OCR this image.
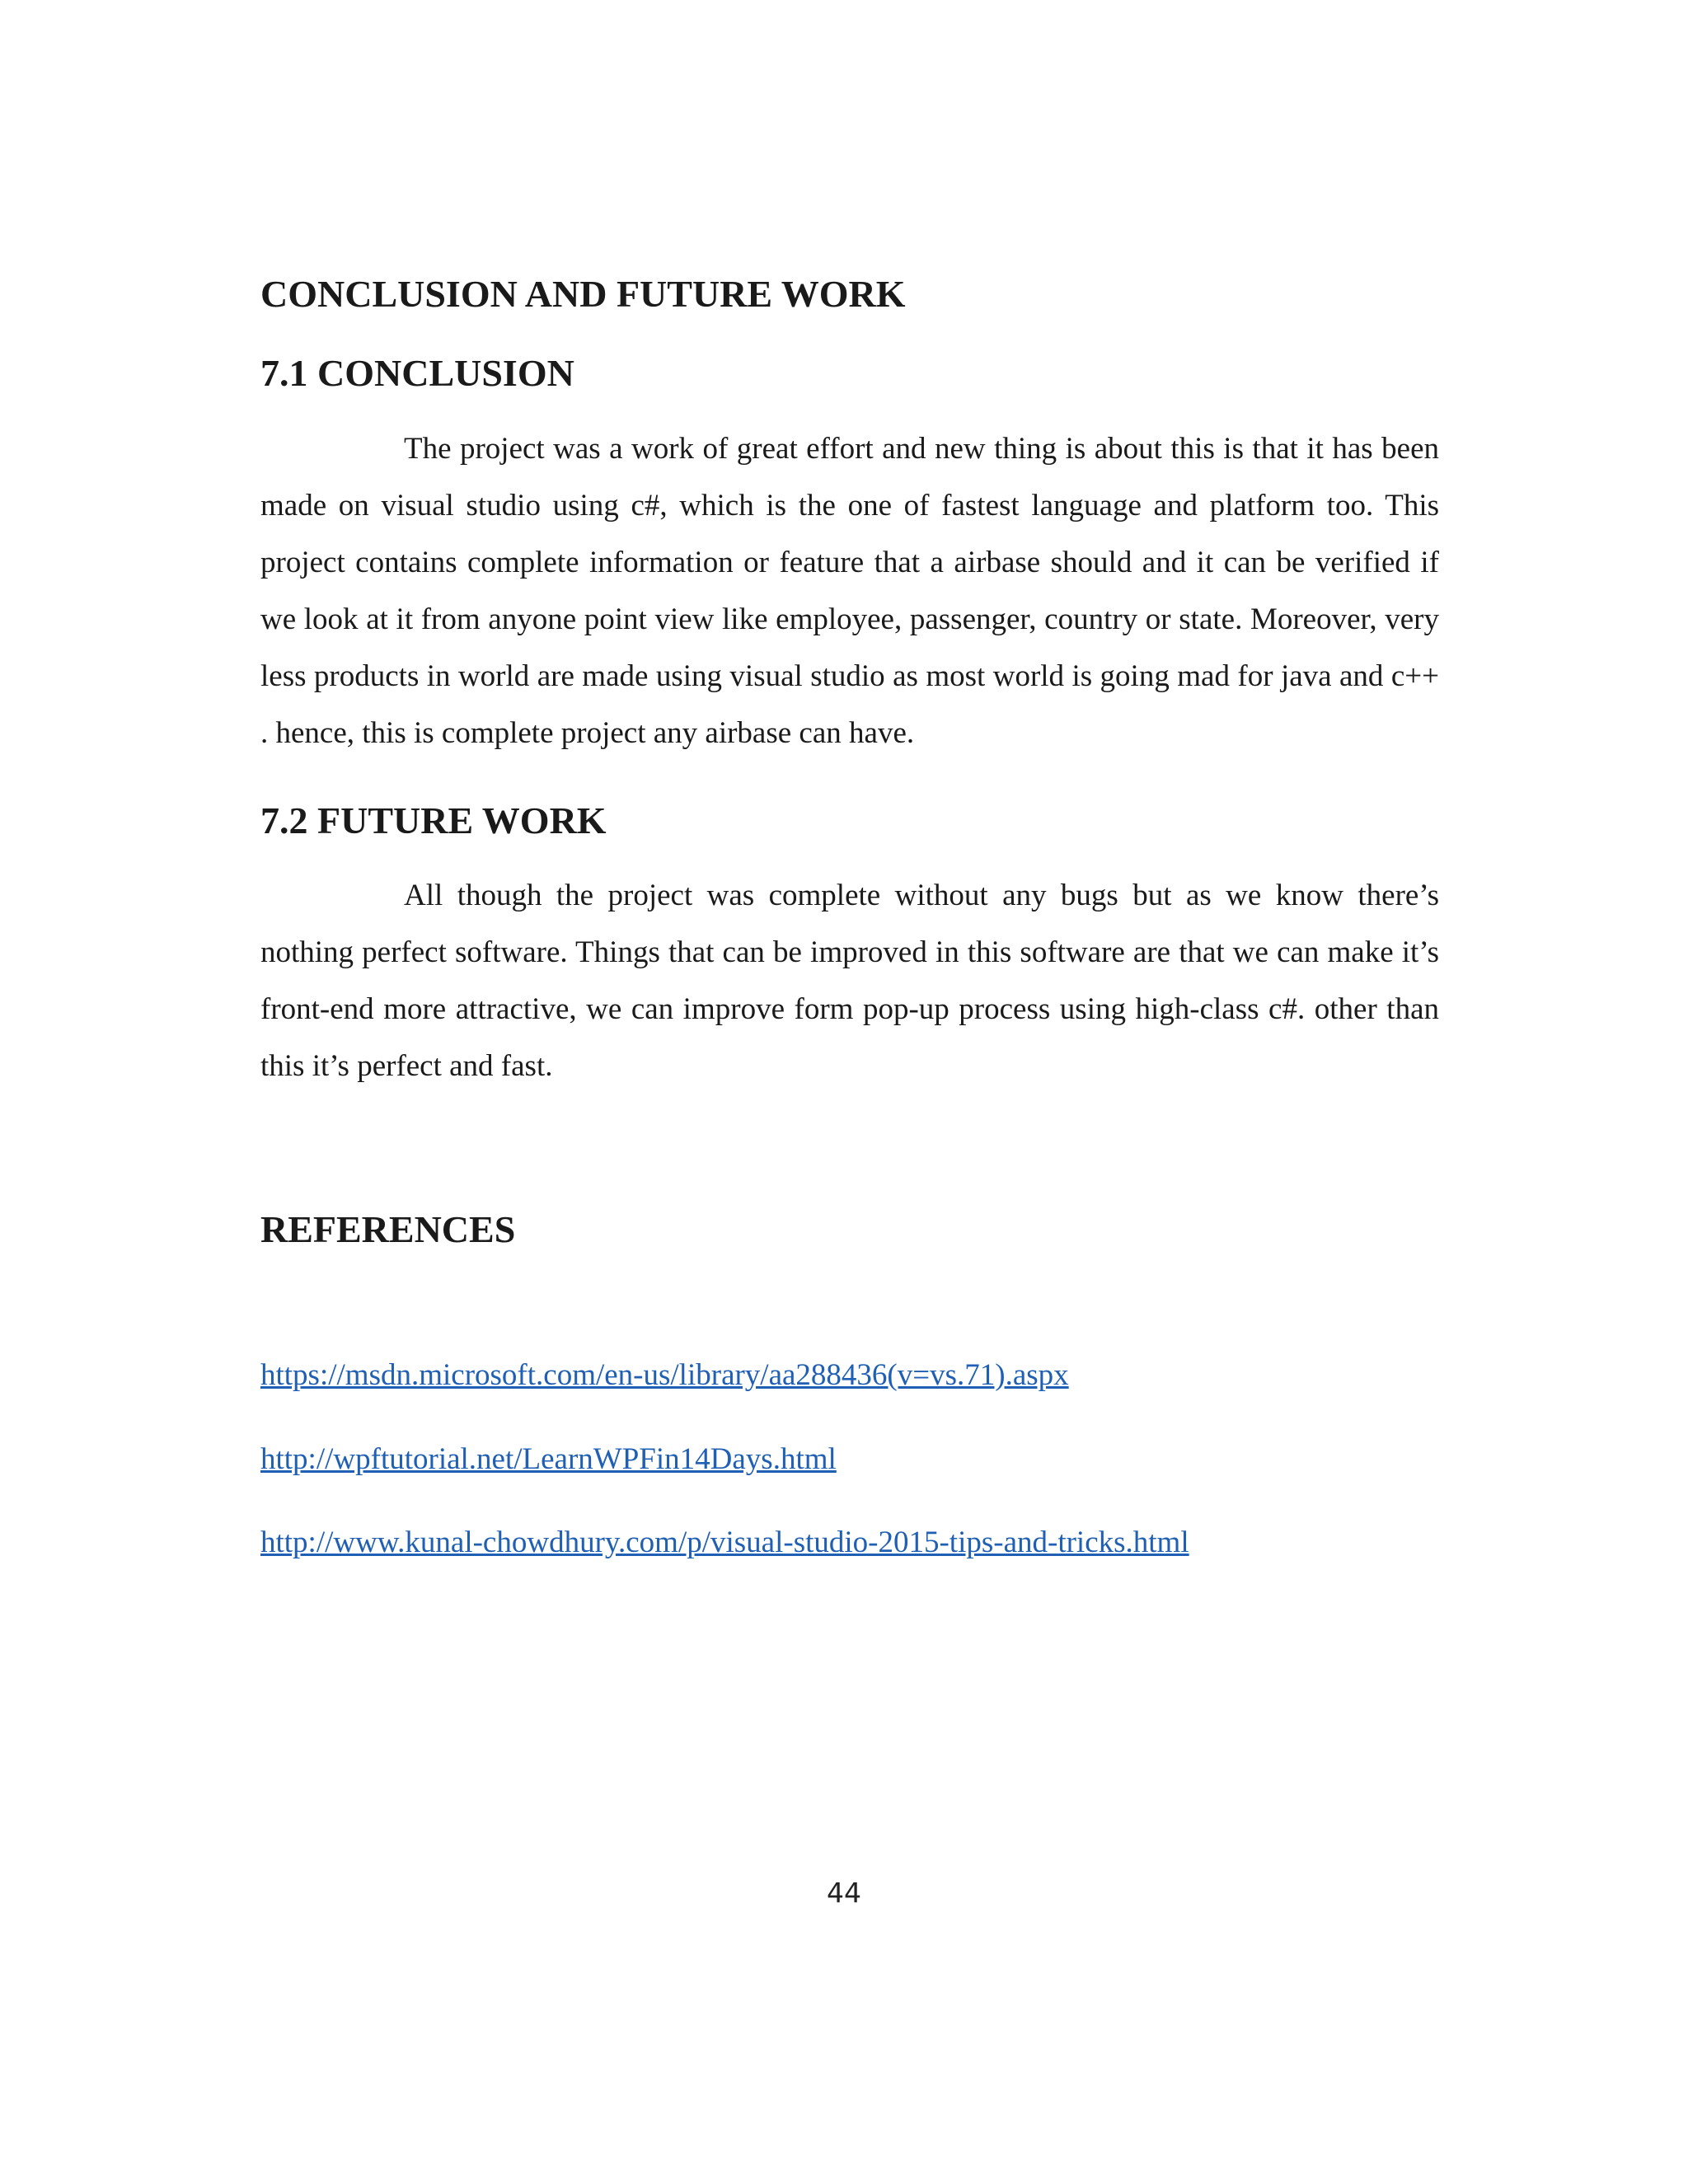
CONCLUSION AND FUTURE WORK
7.1 CONCLUSION

The project was a work of great effort and new thing is about this is that it has been made on visual studio using c#, which is the one of fastest language and platform too. This project contains complete information or feature that a airbase should and it can be verified if we look at it from anyone point view like employee, passenger, country or state. Moreover, very less products in world are made using visual studio as most world is going mad for java and c++ . hence, this is complete project any airbase can have.

7.2 FUTURE WORK

All though the project was complete without any bugs but as we know there’s nothing perfect software. Things that can be improved in this software are that we can make it’s front-end more attractive, we can improve form pop-up process using high-class c#. other than this it’s perfect and fast.

REFERENCES
https://msdn.microsoft.com/en-us/library/aa288436(v=vs.71).aspx
http://wpftutorial.net/LearnWPFin14Days.html
http://www.kunal-chowdhury.com/p/visual-studio-2015-tips-and-tricks.html
44
